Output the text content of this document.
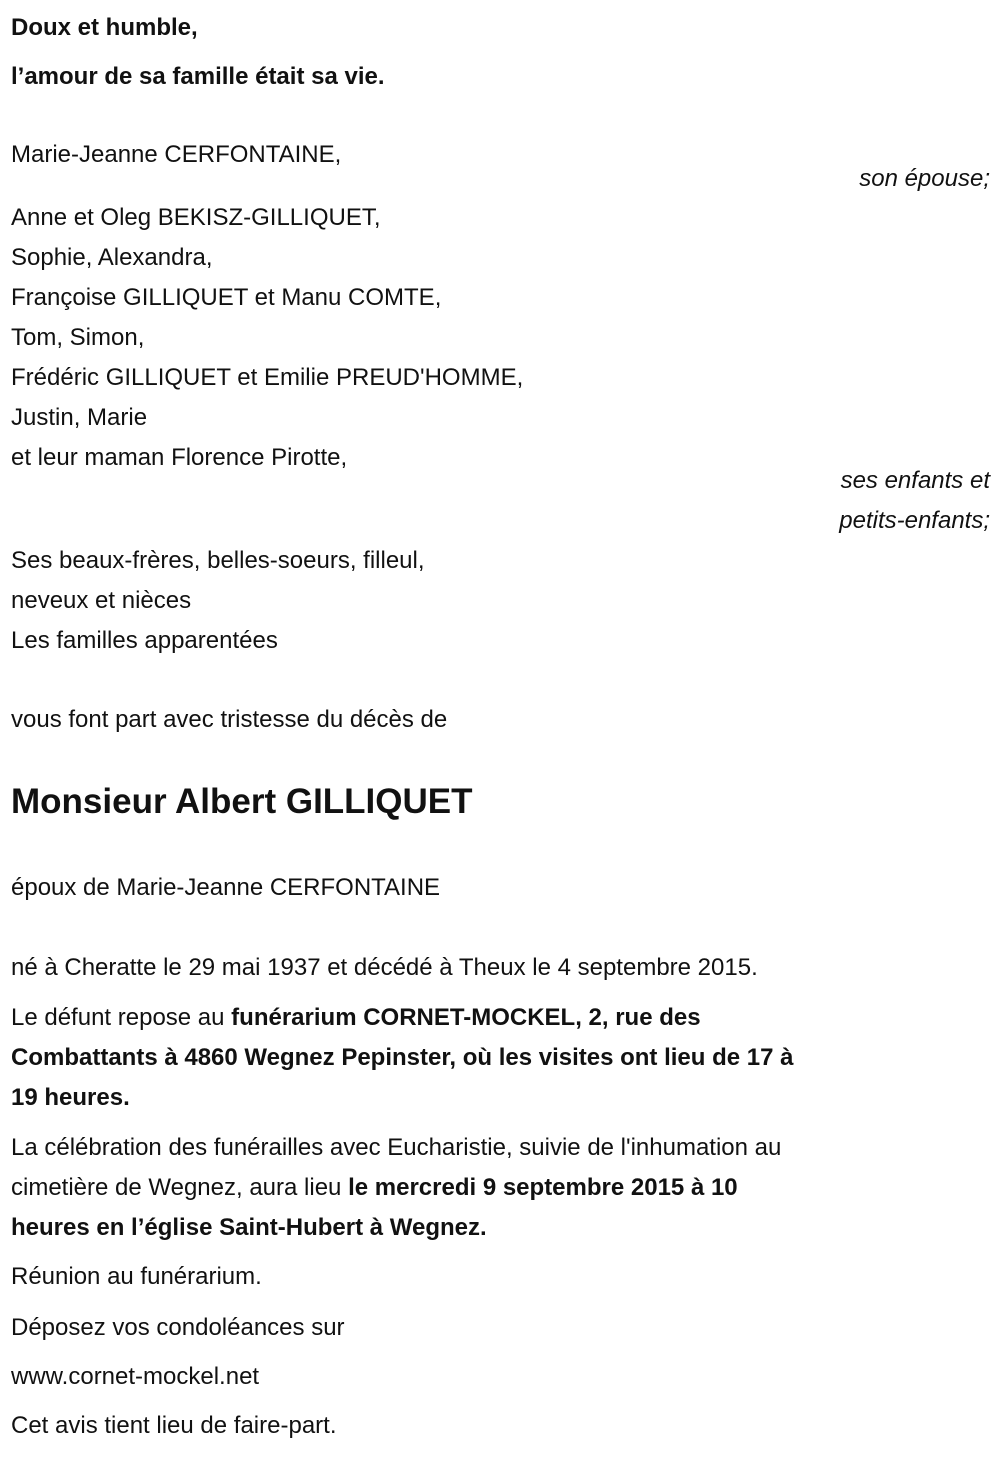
Doux et humble,
l’amour de sa famille était sa vie.
Marie-Jeanne CERFONTAINE,
son épouse;
Anne et Oleg BEKISZ-GILLIQUET,
Sophie, Alexandra,
Françoise GILLIQUET et Manu COMTE,
Tom, Simon,
Frédéric GILLIQUET et Emilie PREUD'HOMME,
Justin, Marie
et leur maman Florence Pirotte,
ses enfants et
petits-enfants;
Ses beaux-frères, belles-soeurs, filleul,
neveux et nièces
Les familles apparentées
vous font part avec tristesse du décès de
Monsieur Albert GILLIQUET
époux de Marie-Jeanne CERFONTAINE
né à Cheratte le 29 mai 1937 et décédé à Theux le 4 septembre 2015.
Le défunt repose au funérarium CORNET-MOCKEL, 2, rue des
Combattants à 4860 Wegnez Pepinster, où les visites ont lieu de 17 à
19 heures.
La célébration des funérailles avec Eucharistie, suivie de l'inhumation au
cimetière de Wegnez, aura lieu le mercredi 9 septembre 2015 à 10
heures en l’église Saint-Hubert à Wegnez.
Réunion au funérarium.
Déposez vos condoléances sur
www.cornet-mockel.net
Cet avis tient lieu de faire-part.
